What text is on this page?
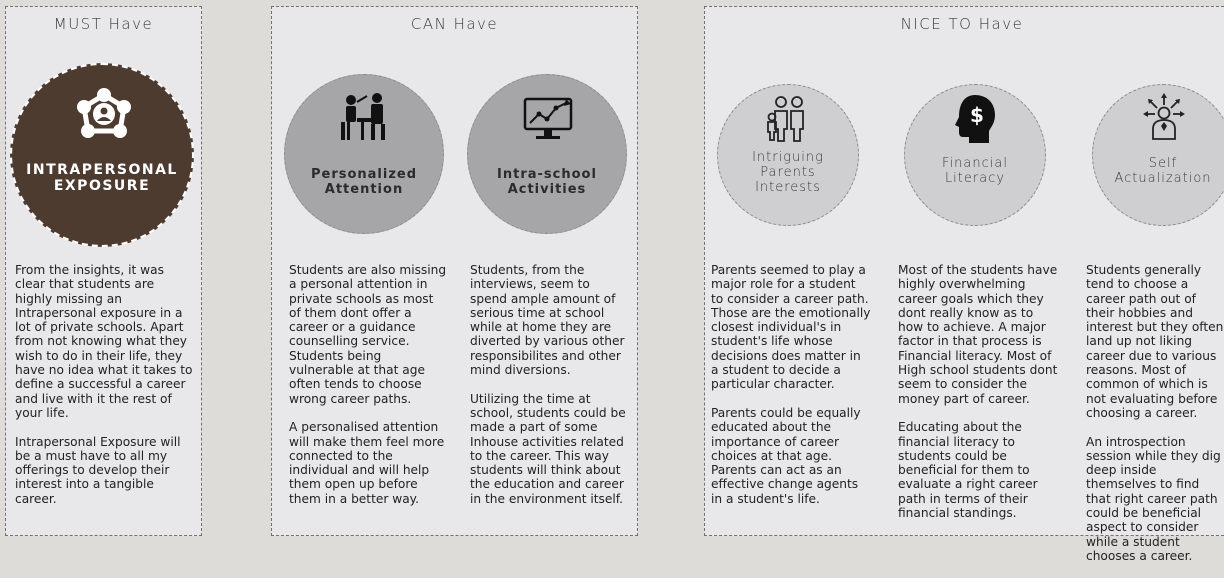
MUST Have
INTRAPERSONAL
EXPOSURE

From the insights, it was clear that students are highly missing an Intrapersonal exposure in a lot of private schools. Apart from not knowing what they wish to do in their life, they have no idea what it takes to define a successful a career and live with it the rest of your life.

Intrapersonal Exposure will be a must have to all my offerings to develop their interest into a tangible career.

CAN Have
Personalized
Attention
Intra-school
Activities

Students are also missing a personal attention in private schools as most of them dont offer a career or a guidance counselling service. Students being vulnerable at that age often tends to choose wrong career paths.

A personalised attention will make them feel more connected to the individual and will help them open up before them in a better way.

Students, from the interviews, seem to spend ample amount of serious time at school while at home they are diverted by various other responsibilites and other mind diversions.

Utilizing the time at school, students could be made a part of some Inhouse activities related to the career. This way students will think about the education and career in the environment itself.

NICE TO Have
Intriguing
Parents
Interests
$
Financial
Literacy
Self
Actualization

Parents seemed to play a major role for a student to consider a career path. Those are the emotionally closest individual's in student's life whose decisions does matter in a student to decide a particular character.

Parents could be equally educated about the importance of career choices at that age. Parents can act as an effective change agents in a student's life.

Most of the students have highly overwhelming career goals which they dont really know as to how to achieve. A major factor in that process is Financial literacy. Most of High school students dont seem to consider the money part of career.

Educating about the financial literacy to students could be beneficial for them to evaluate a right career path in terms of their financial standings.

Students generally tend to choose a career path out of their hobbies and interest but they often land up not liking career due to various reasons. Most of common of which is not evaluating before choosing a career.

An introspection session while they dig deep inside themselves to find that right career path could be beneficial aspect to consider while a student chooses a career.
